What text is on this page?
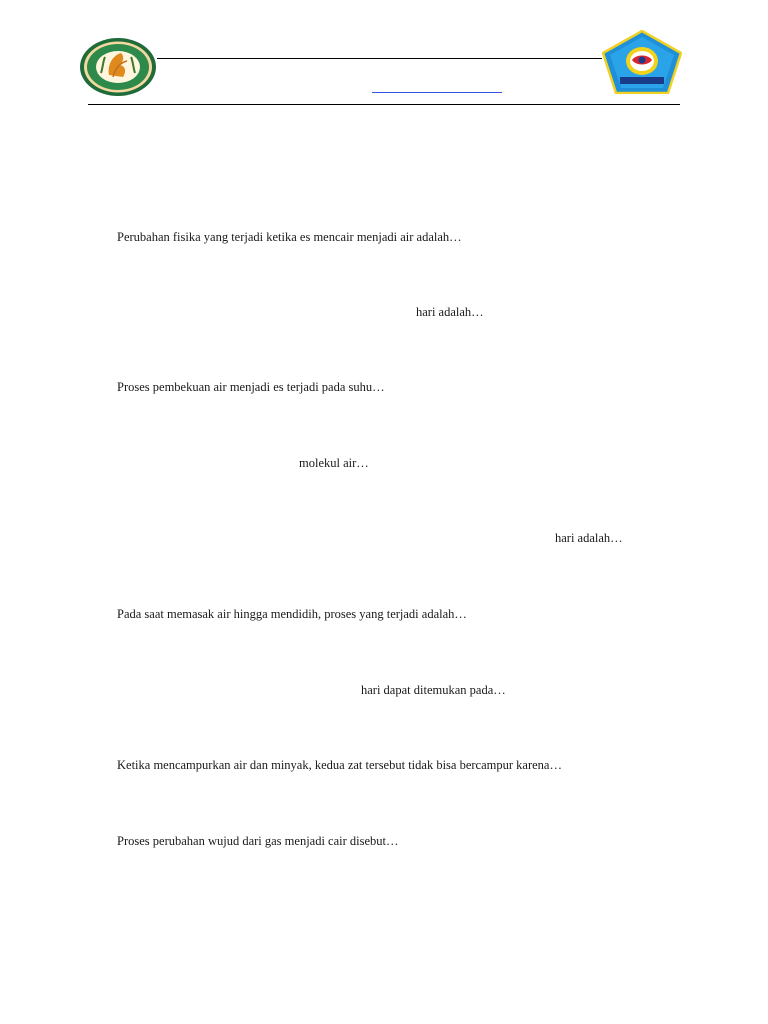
Perubahan fisika yang terjadi ketika es mencair menjadi air adalah…

hari adalah…

Proses pembekuan air menjadi es terjadi pada suhu…

molekul air…

hari adalah…

Pada saat memasak air hingga mendidih, proses yang terjadi adalah…

hari dapat ditemukan pada…

Ketika mencampurkan air dan minyak, kedua zat tersebut tidak bisa bercampur karena…

Proses perubahan wujud dari gas menjadi cair disebut…
